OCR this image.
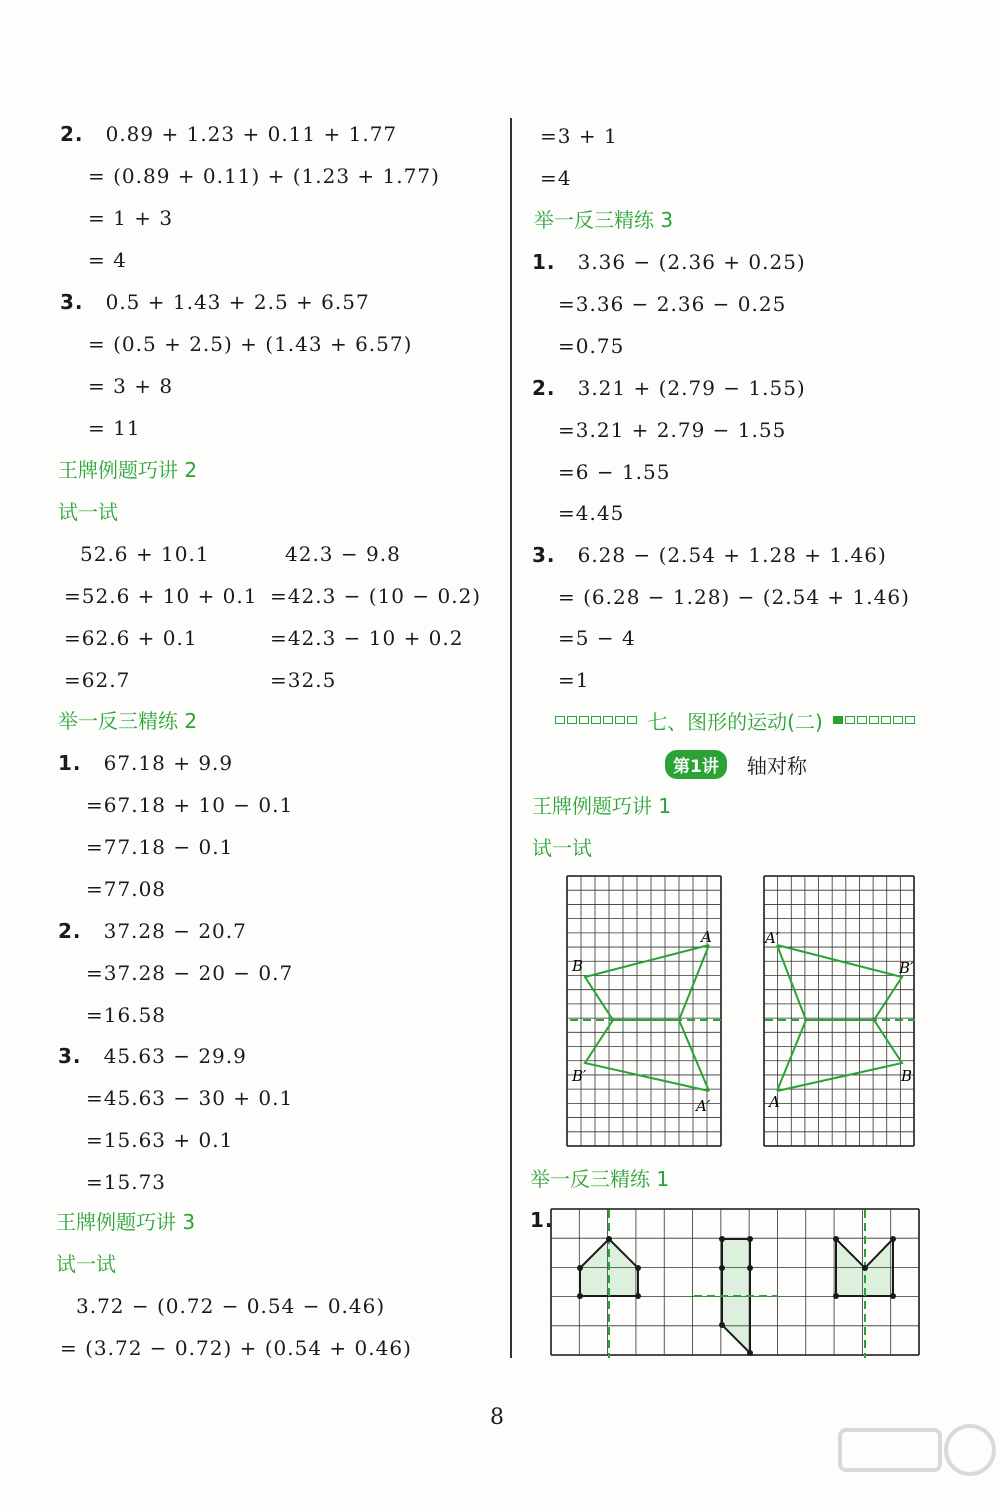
2. 0.89 + 1.23 + 0.11 + 1.77
= (0.89 + 0.11) + (1.23 + 1.77)
= 1 + 3
= 4
3. 0.5 + 1.43 + 2.5 + 6.57
= (0.5 + 2.5) + (1.43 + 6.57)
= 3 + 8
= 11
王牌例题巧讲 2
试一试
52.6 + 10.1
=52.6 + 10 + 0.1
=62.6 + 0.1
=62.7
42.3 − 9.8
=42.3 − (10 − 0.2)
=42.3 − 10 + 0.2
=32.5
举一反三精练 2
1. 67.18 + 9.9
=67.18 + 10 − 0.1
=77.18 − 0.1
=77.08
2. 37.28 − 20.7
=37.28 − 20 − 0.7
=16.58
3. 45.63 − 29.9
=45.63 − 30 + 0.1
=15.63 + 0.1
=15.73
王牌例题巧讲 3
试一试
3.72 − (0.72 − 0.54 − 0.46)
= (3.72 − 0.72) + (0.54 + 0.46)
=3 + 1
=4
举一反三精练 3
1. 3.36 − (2.36 + 0.25)
=3.36 − 2.36 − 0.25
=0.75
2. 3.21 + (2.79 − 1.55)
=3.21 + 2.79 − 1.55
=6 − 1.55
=4.45
3. 6.28 − (2.54 + 1.28 + 1.46)
= (6.28 − 1.28) − (2.54 + 1.46)
=5 − 4
=1
七、图形的运动(二)
第1讲	轴对称
王牌例题巧讲 1
试一试
A
B
B′
A′
A′
B′
B
A
举一反三精练 1
1.
8
